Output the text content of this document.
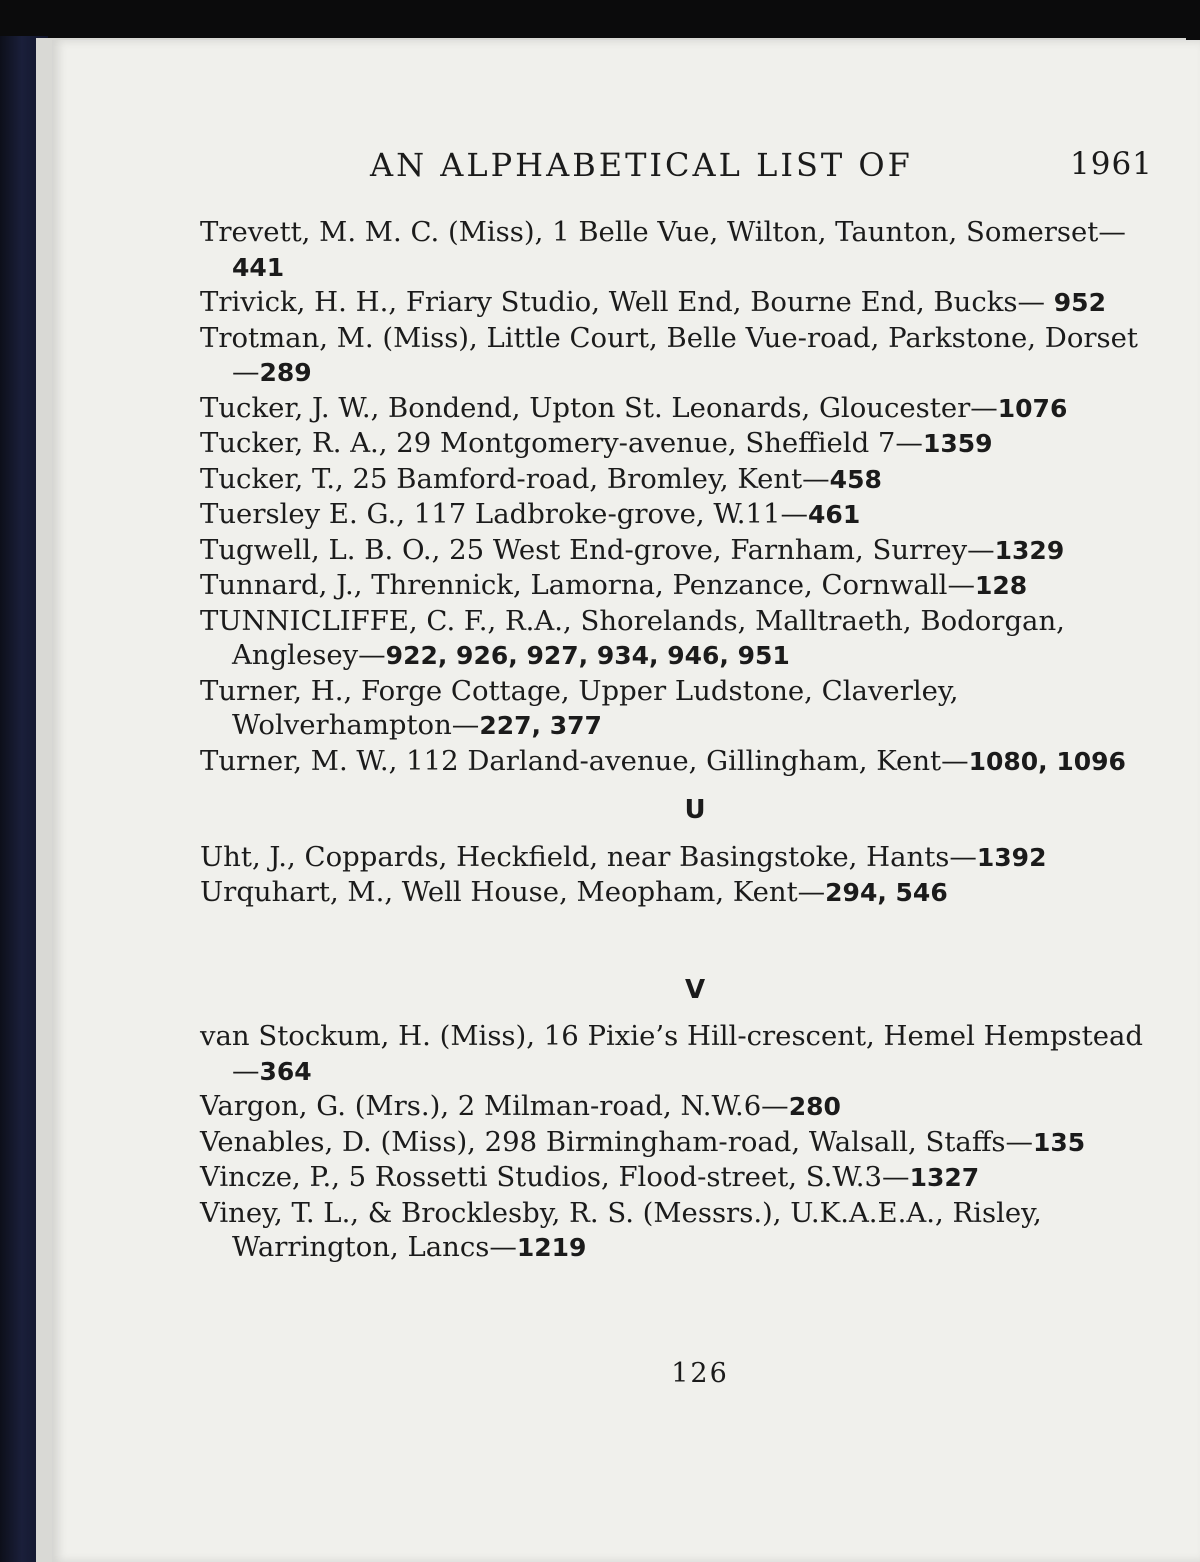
AN ALPHABETICAL LIST OF	1961

Trevett, M. M. C. (Miss), 1 Belle Vue, Wilton, Taunton, Somerset—441

Trivick, H. H., Friary Studio, Well End, Bourne End, Bucks— 952

Trotman, M. (Miss), Little Court, Belle Vue-road, Parkstone, Dorset—289

Tucker, J. W., Bondend, Upton St. Leonards, Gloucester—1076

Tucker, R. A., 29 Montgomery-avenue, Sheffield 7—1359

Tucker, T., 25 Bamford-road, Bromley, Kent—458

Tuersley E. G., 117 Ladbroke-grove, W.11—461

Tugwell, L. B. O., 25 West End-grove, Farnham, Surrey—1329

Tunnard, J., Thrennick, Lamorna, Penzance, Cornwall—128

TUNNICLIFFE, C. F., R.A., Shorelands, Malltraeth, Bodorgan, Anglesey—922, 926, 927, 934, 946, 951

Turner, H., Forge Cottage, Upper Ludstone, Claverley, Wolverhampton—227, 377

Turner, M. W., 112 Darland-avenue, Gillingham, Kent—1080, 1096

U

Uht, J., Coppards, Heckfield, near Basingstoke, Hants—1392

Urquhart, M., Well House, Meopham, Kent—294, 546

V

van Stockum, H. (Miss), 16 Pixie’s Hill-crescent, Hemel Hempstead—364

Vargon, G. (Mrs.), 2 Milman-road, N.W.6—280

Venables, D. (Miss), 298 Birmingham-road, Walsall, Staffs—135

Vincze, P., 5 Rossetti Studios, Flood-street, S.W.3—1327

Viney, T. L., & Brocklesby, R. S. (Messrs.), U.K.A.E.A., Risley, Warrington, Lancs—1219

126
